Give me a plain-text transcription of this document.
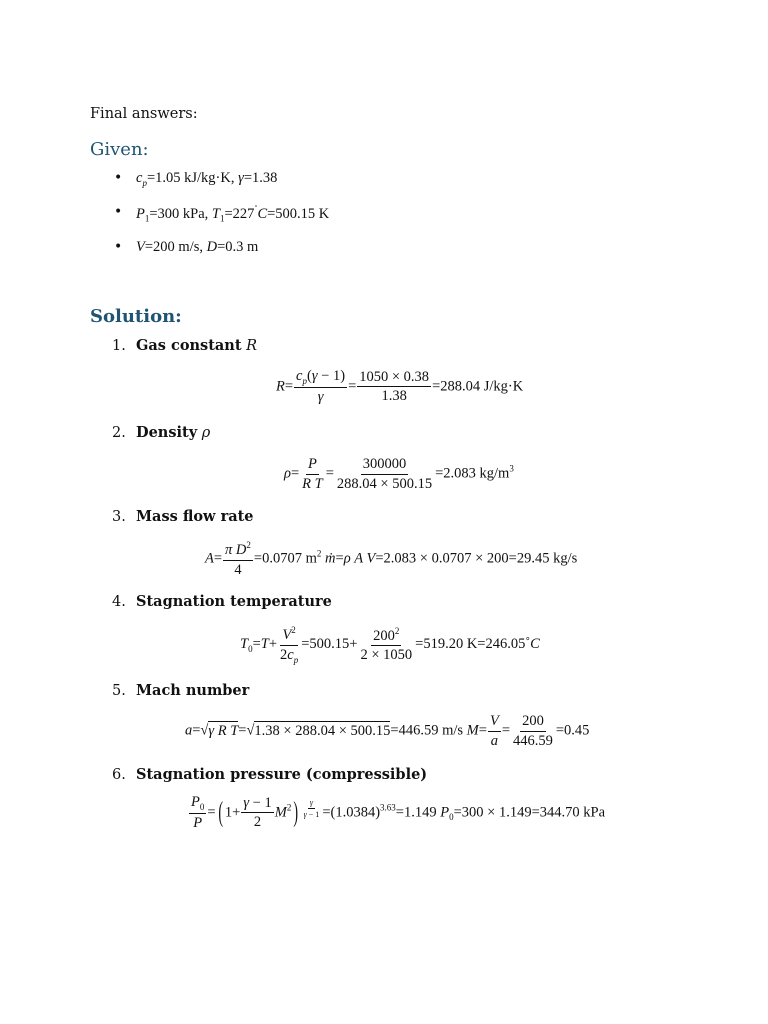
Final answers:
Given:
• $c_p=1.05$ kJ/kg·K, γ=1.38
• $P_1=300$ kPa, $T_1=227^˚C=500.15$ K
• V=200 m/s, D=0.3 m
Solution:
1. Gas constant R
$R= \frac{c_p(\gamma - 1)}{\gamma} = \frac{1050 \times 0.38}{1.38} =288.04$ J/kg·K
2. Density ρ
$\rho= \frac{P}{\text{R T}} = \frac{300000}{288.04 \times 500.15} =2.083$ $kg/m^3$
3. Mass flow rate
$A= \frac{\pi D^2}{4} =0.0707$ $m^2$ ṁ=ρ A V=2.083 × 0.0707 × 200=29.45 kg/s
4. Stagnation temperature
$T_0=T+ \frac{V^2}{2c_p} =500.15+ \frac{200^2}{2 \times 1050} =519.20$ K=246.05˚C
5. Mach number
a=√γ R T=√1.38 × 288.04 × 500.15=446.59 m/s $M= \frac{V}{a} = \frac{200}{446.59} =0.45$
6. Stagnation pressure (compressible)
$\frac{P_0}{P}$ =( $1+ \frac{\gamma - 1}{2} M^2$) $^{\frac{\gamma}{\gamma - 1}} =(1.0384)^{3.63}=1.149$ $P_0=300 \times 1.149=344.70$ kPa
